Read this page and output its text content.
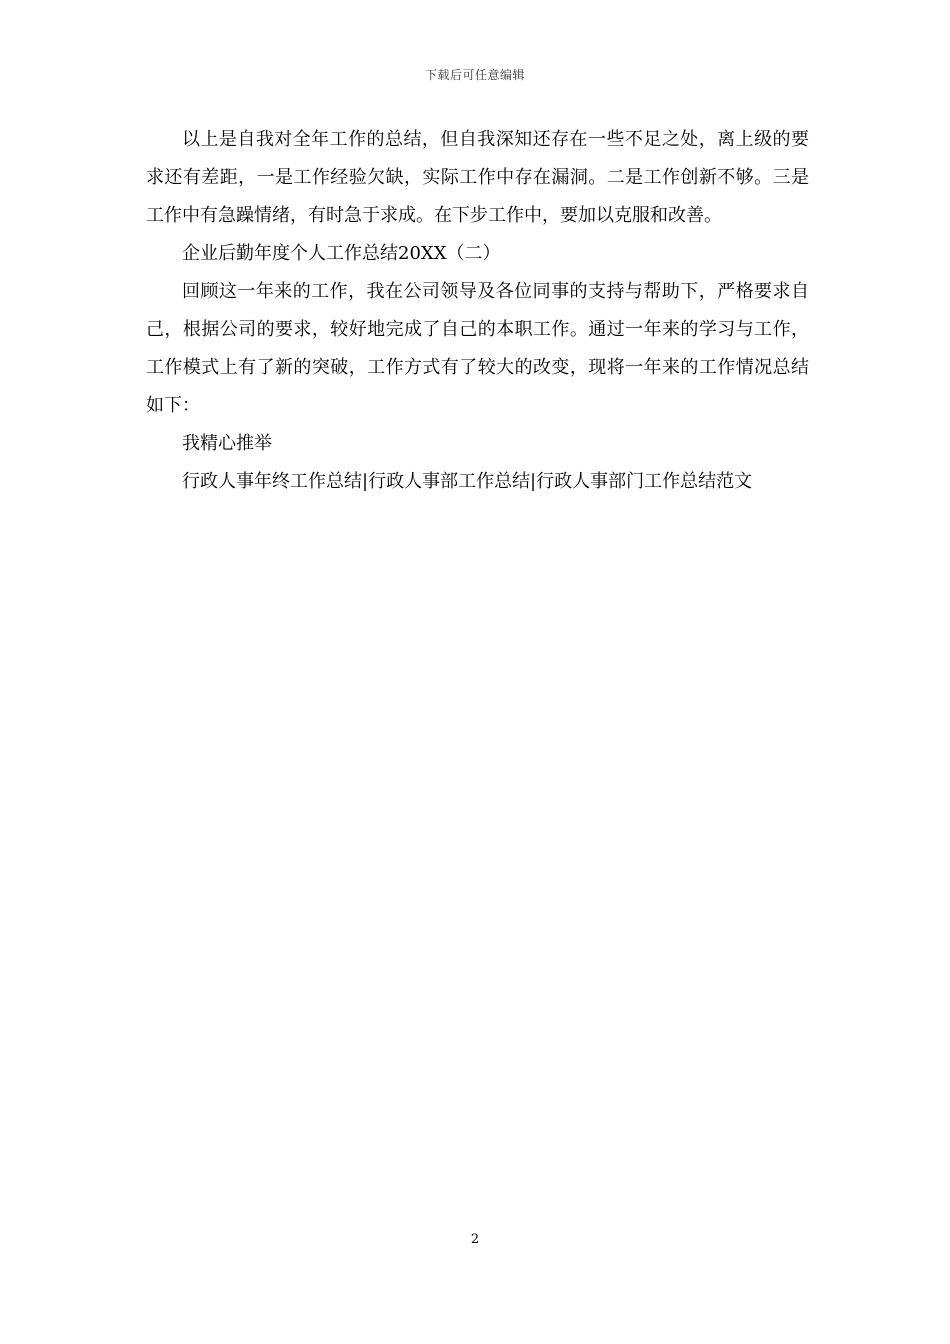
下载后可任意编辑

以上是自我对全年工作的总结，但自我深知还存在一些不足之处，离上级的要求还有差距，一是工作经验欠缺，实际工作中存在漏洞。二是工作创新不够。三是工作中有急躁情绪，有时急于求成。在下步工作中，要加以克服和改善。

企业后勤年度个人工作总结20XX（二）

回顾这一年来的工作，我在公司领导及各位同事的支持与帮助下，严格要求自己，根据公司的要求，较好地完成了自己的本职工作。通过一年来的学习与工作，工作模式上有了新的突破，工作方式有了较大的改变，现将一年来的工作情况总结如下：

我精心推举

行政人事年终工作总结|行政人事部工作总结|行政人事部门工作总结范文

2
